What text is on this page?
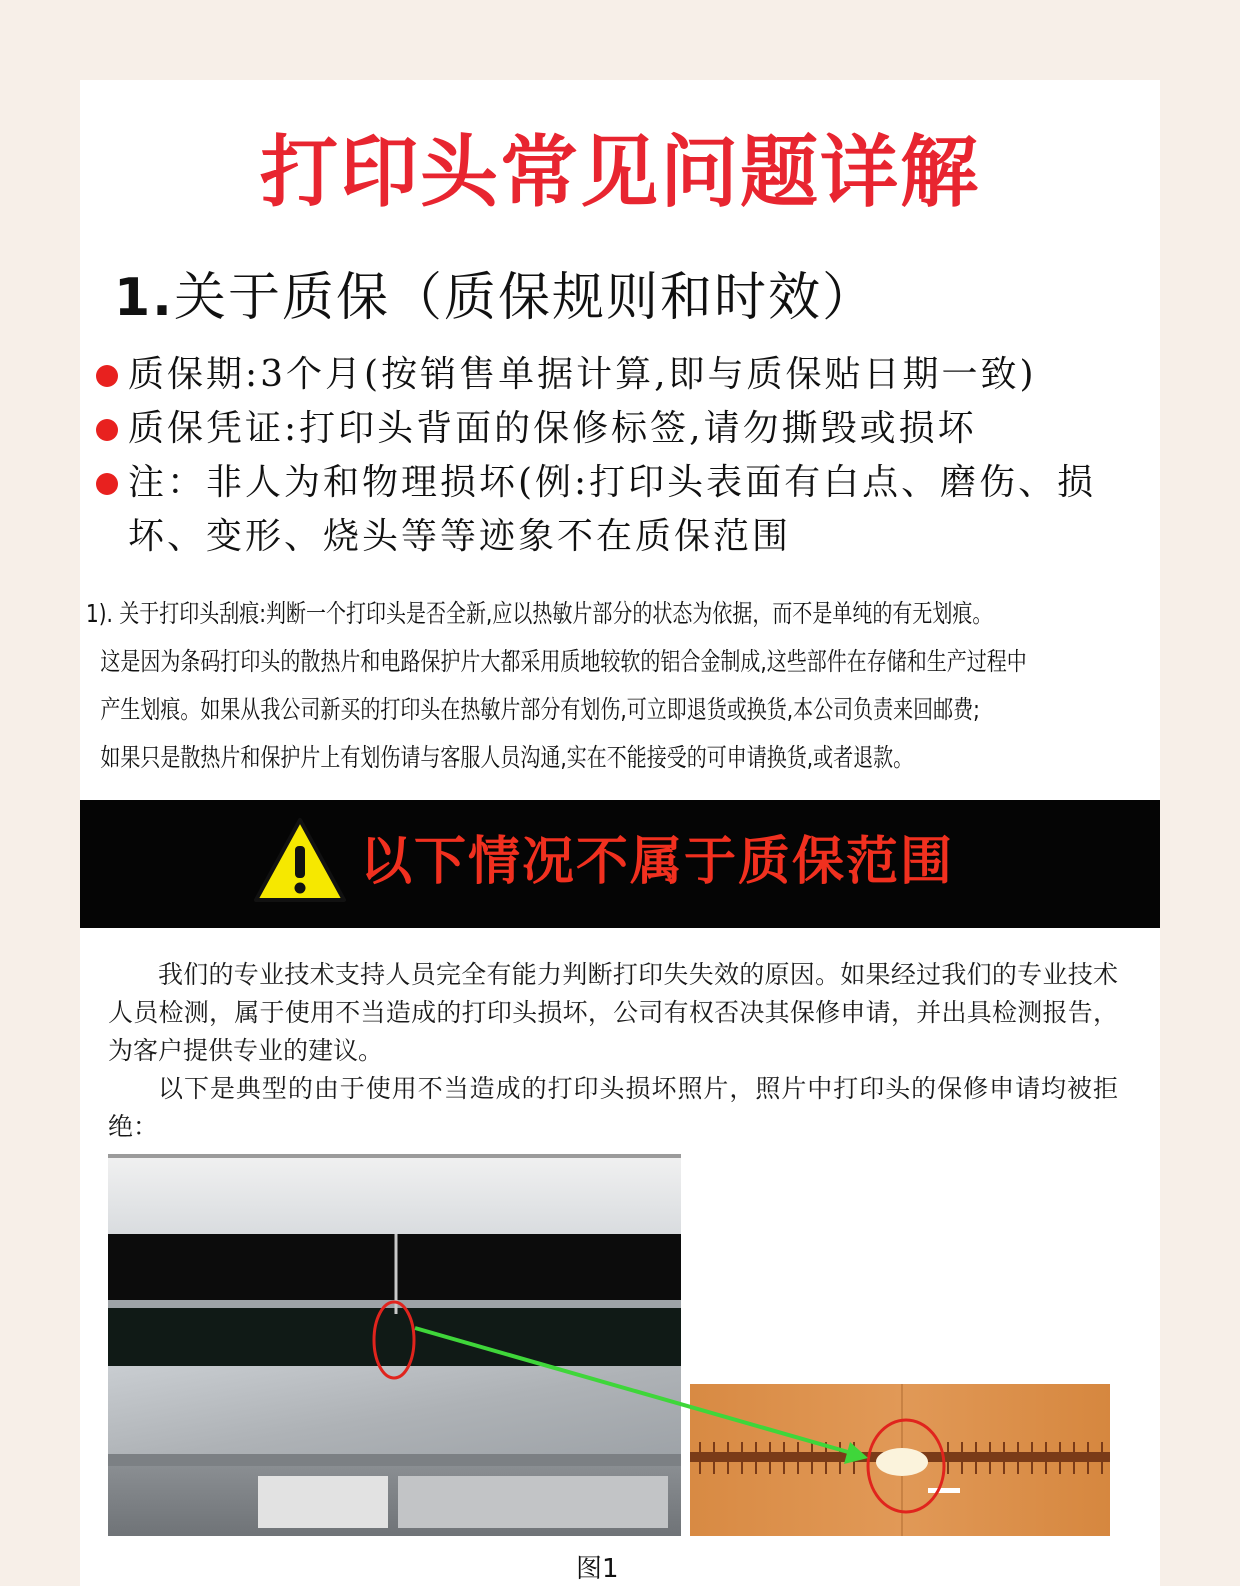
打印头常见问题详解
1.关于质保（质保规则和时效）
质保期:3个月(按销售单据计算,即与质保贴日期一致)
质保凭证:打印头背面的保修标签,请勿撕毁或损坏
注：非人为和物理损坏(例:打印头表面有白点、磨伤、损坏、变形、烧头等等迹象不在质保范围
1). 关于打印头刮痕:判断一个打印头是否全新,应以热敏片部分的状态为依据，而不是单纯的有无划痕。
这是因为条码打印头的散热片和电路保护片大都采用质地较软的铝合金制成,这些部件在存储和生产过程中
产生划痕。如果从我公司新买的打印头在热敏片部分有划伤,可立即退货或换货,本公司负责来回邮费;
如果只是散热片和保护片上有划伤请与客服人员沟通,实在不能接受的可申请换货,或者退款。
以下情况不属于质保范围
我们的专业技术支持人员完全有能力判断打印失失效的原因。如果经过我们的专业技术人员检测，属于使用不当造成的打印头损坏，公司有权否决其保修申请，并出具检测报告，为客户提供专业的建议。
以下是典型的由于使用不当造成的打印头损坏照片，照片中打印头的保修申请均被拒绝：
图1
